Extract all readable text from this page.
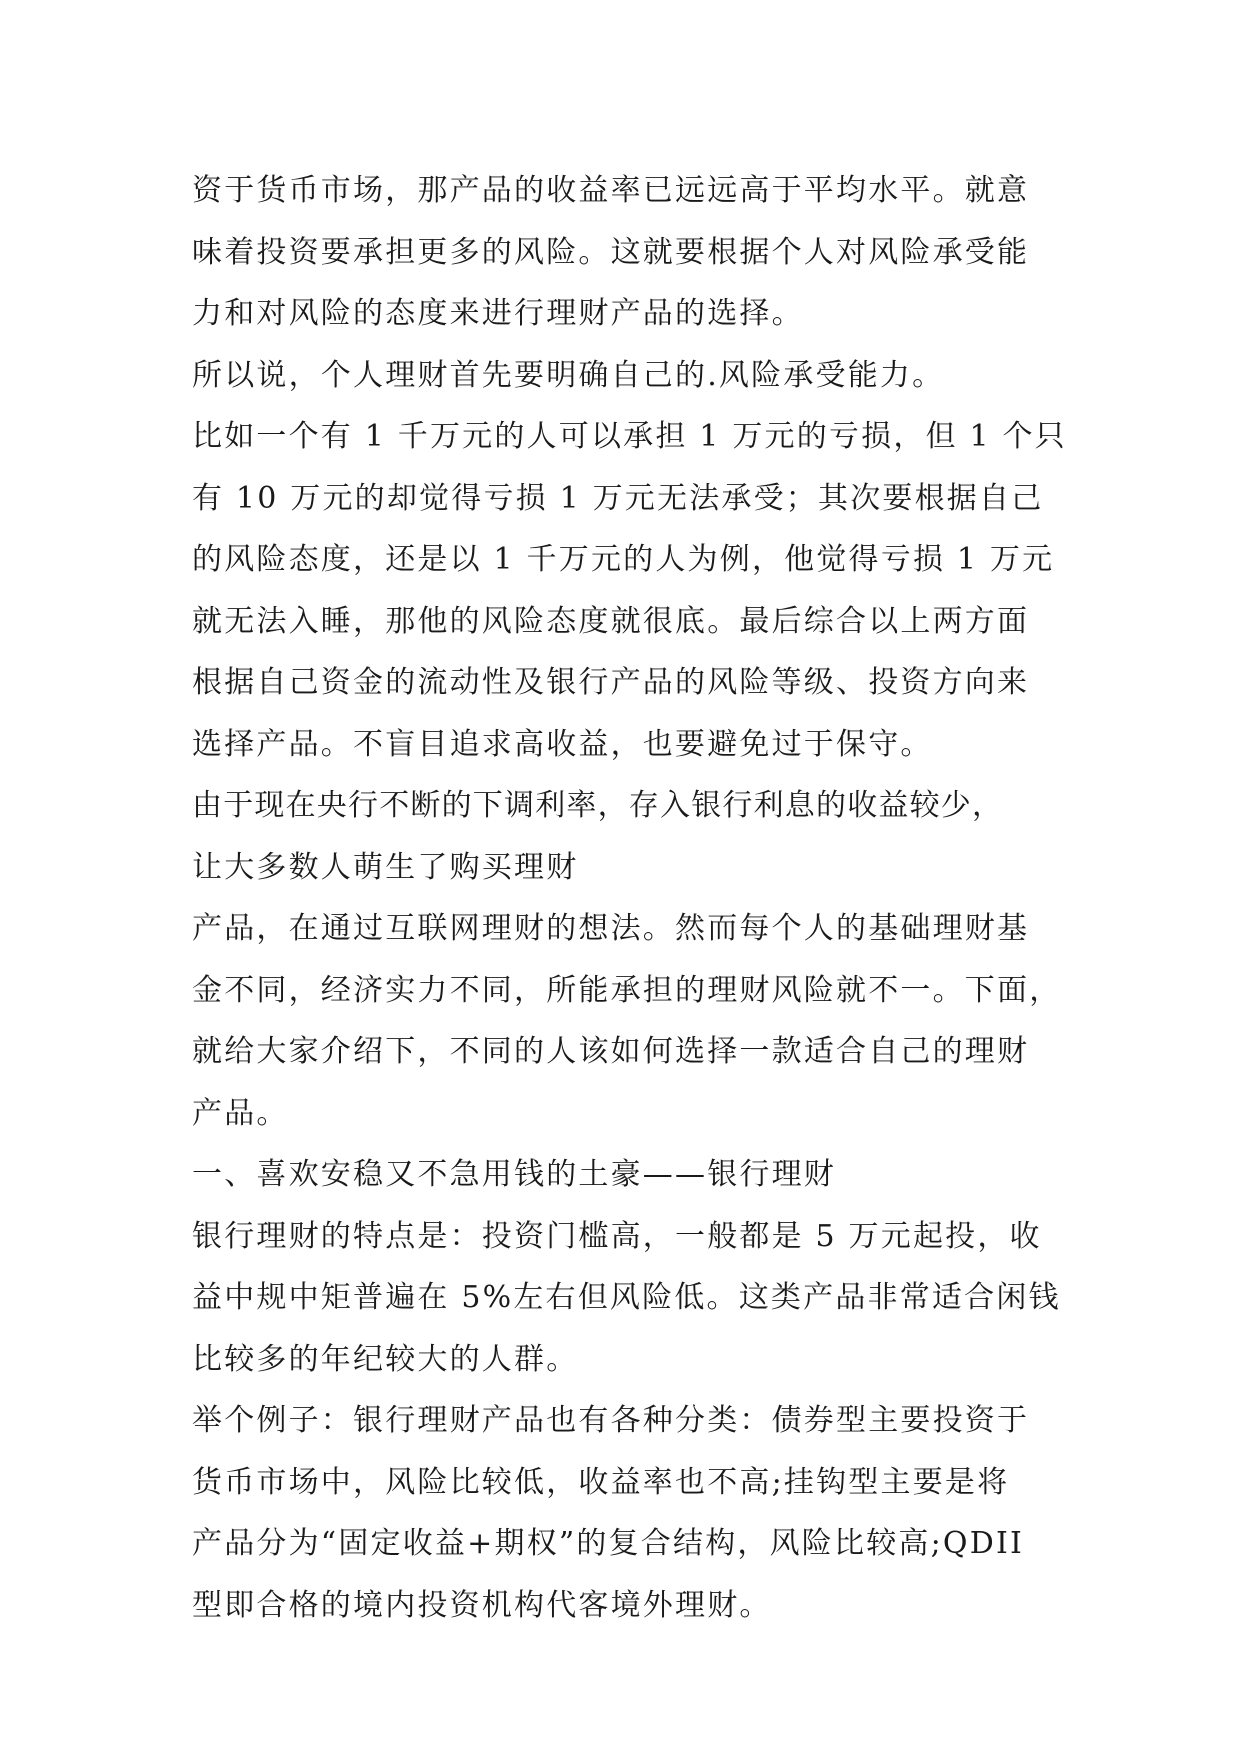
资于货币市场，那产品的收益率已远远高于平均水平。就意
味着投资要承担更多的风险。这就要根据个人对风险承受能
力和对风险的态度来进行理财产品的选择。
所以说，个人理财首先要明确自己的.风险承受能力。
比如一个有 1 千万元的人可以承担 1 万元的亏损，但 1 个只
有 10 万元的却觉得亏损 1 万元无法承受；其次要根据自己
的风险态度，还是以 1 千万元的人为例，他觉得亏损 1 万元
就无法入睡，那他的风险态度就很底。最后综合以上两方面
根据自己资金的流动性及银行产品的风险等级、投资方向来
选择产品。不盲目追求高收益，也要避免过于保守。
由于现在央行不断的下调利率，存入银行利息的收益较少，
让大多数人萌生了购买理财
产品，在通过互联网理财的想法。然而每个人的基础理财基
金不同，经济实力不同，所能承担的理财风险就不一。下面，
就给大家介绍下，不同的人该如何选择一款适合自己的理财
产品。
一、喜欢安稳又不急用钱的土豪——银行理财
银行理财的特点是：投资门槛高，一般都是 5 万元起投，收
益中规中矩普遍在 5%左右但风险低。这类产品非常适合闲钱
比较多的年纪较大的人群。
举个例子：银行理财产品也有各种分类：债券型主要投资于
货币市场中，风险比较低，收益率也不高;挂钩型主要是将
产品分为“固定收益+期权”的复合结构，风险比较高;QDII
型即合格的境内投资机构代客境外理财。
